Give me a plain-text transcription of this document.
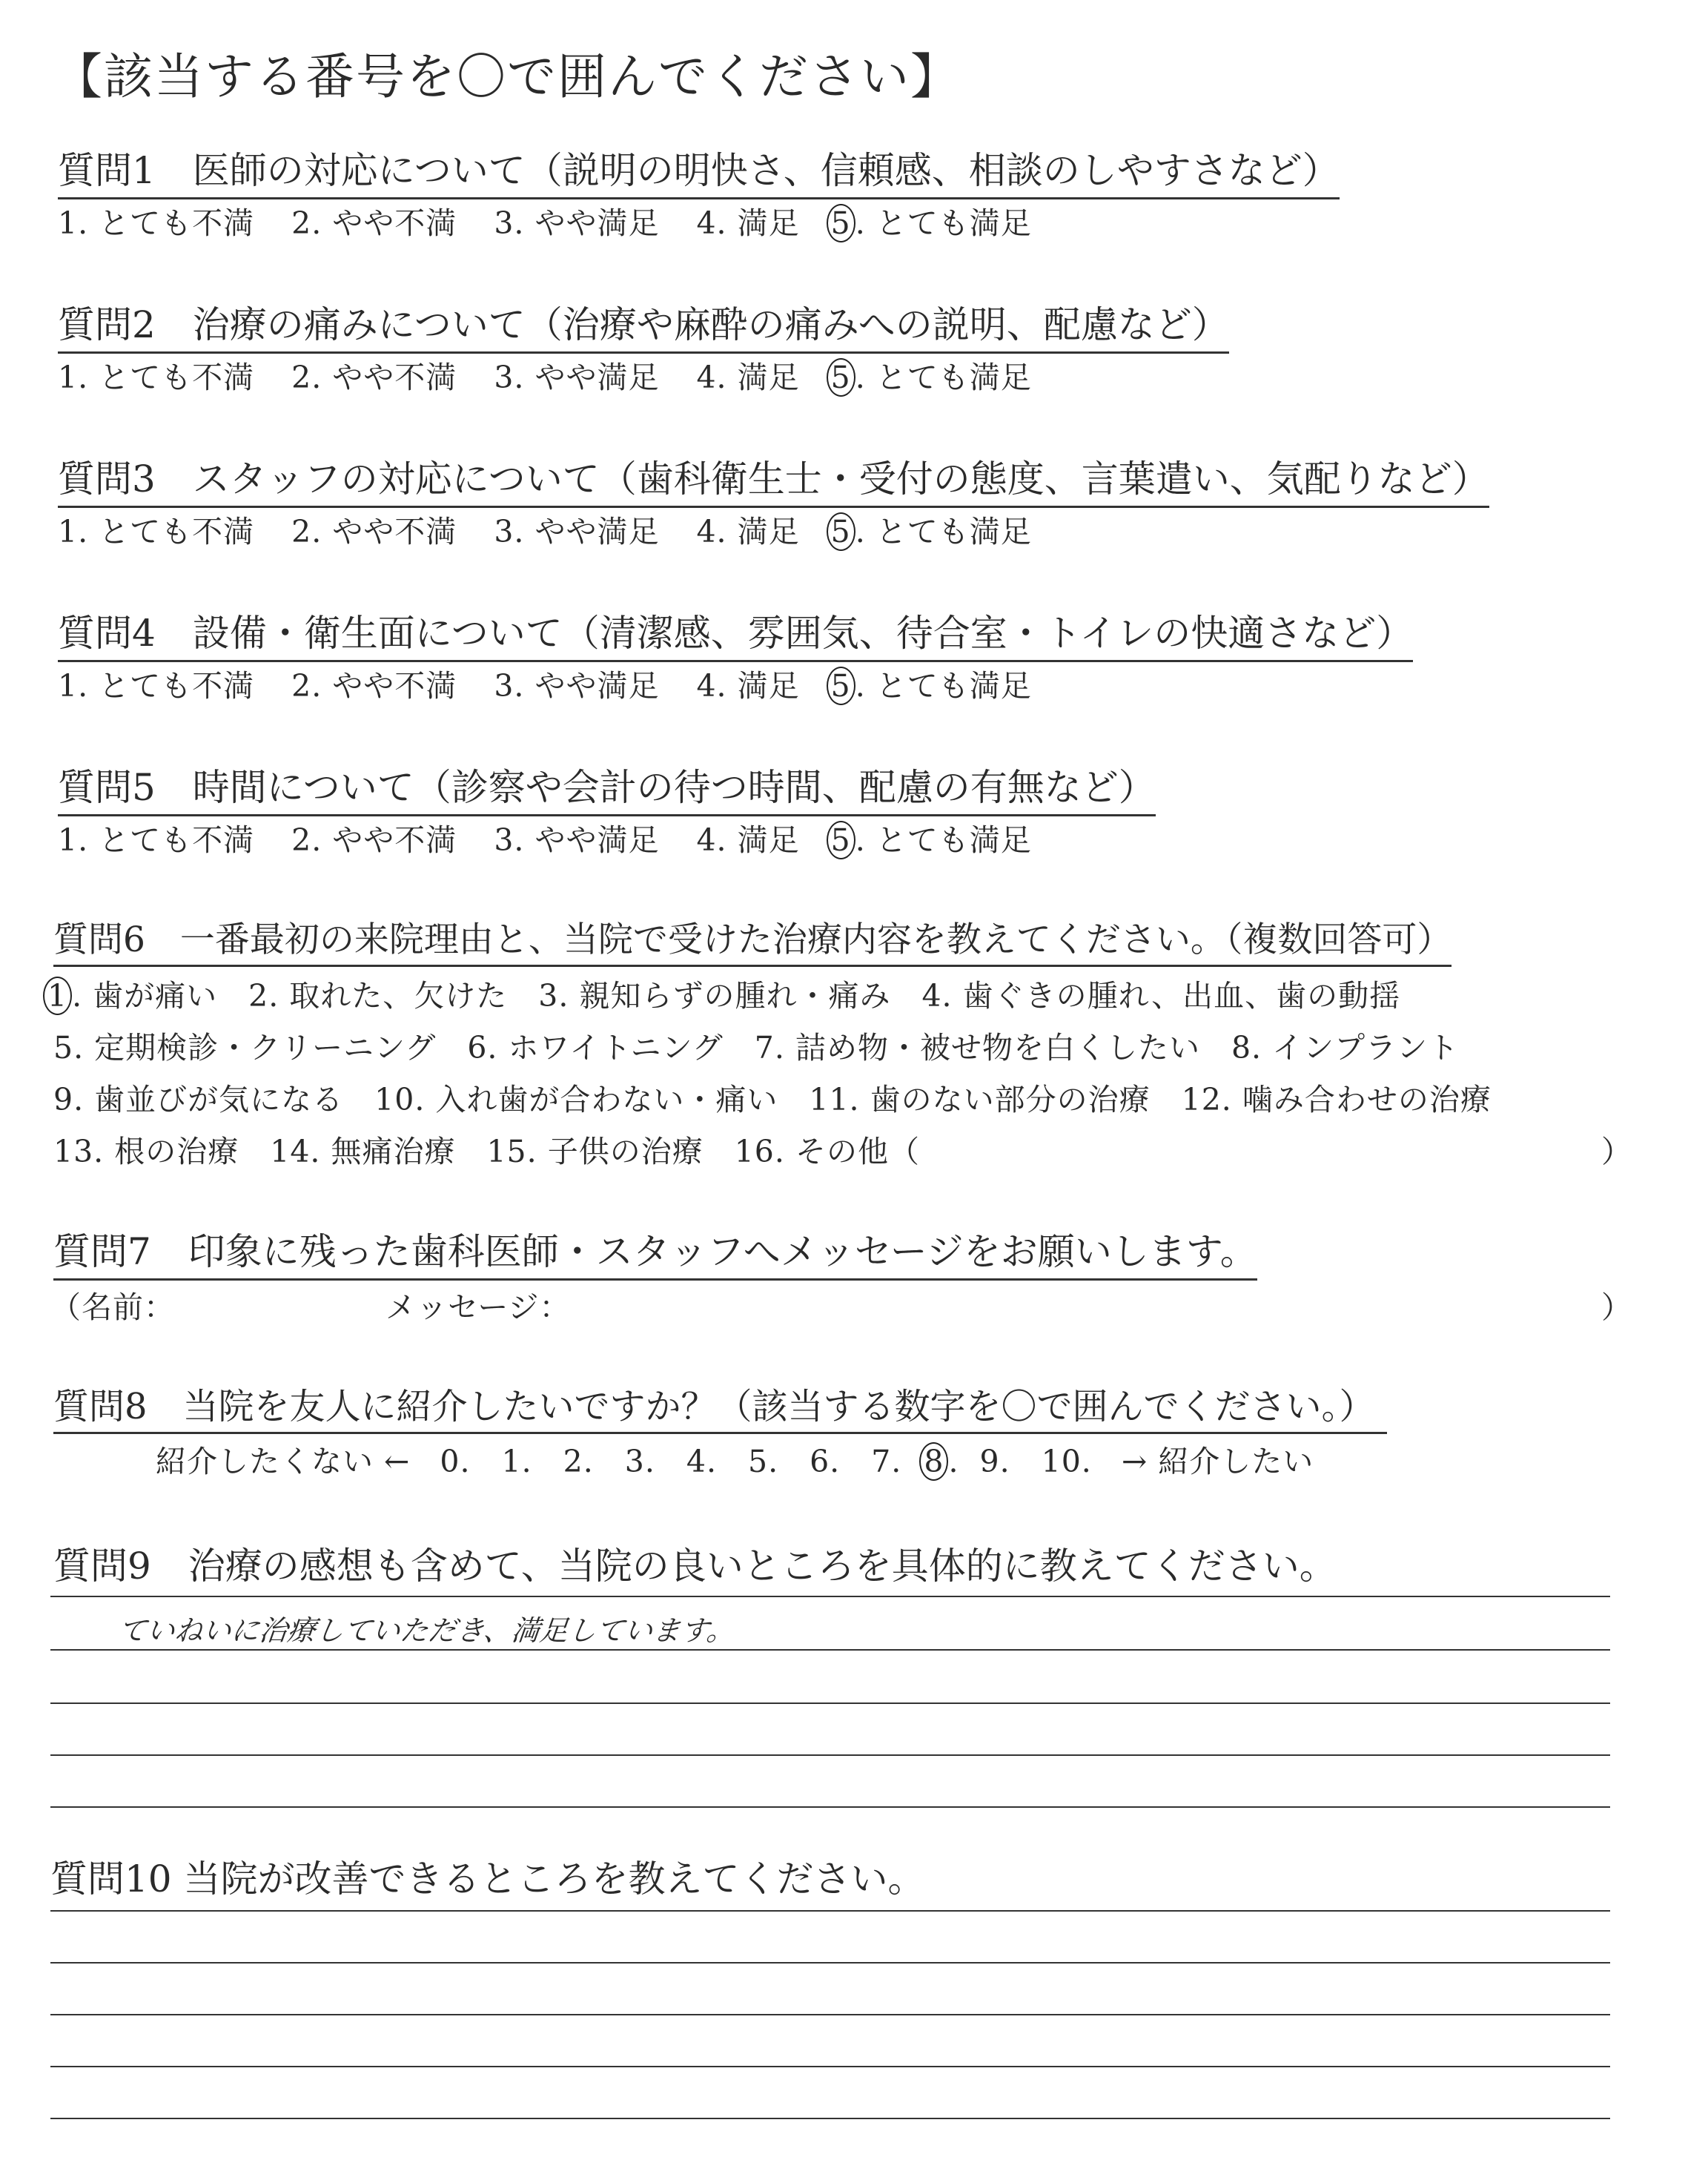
【該当する番号を〇で囲んでください】
質問1　医師の対応について（説明の明快さ、信頼感、相談のしやすさなど）
1. とても不満 2. やや不満 3. やや満足 4. 満足 5 . とても満足
質問2　治療の痛みについて（治療や麻酔の痛みへの説明、配慮など）
1. とても不満 2. やや不満 3. やや満足 4. 満足 5 . とても満足
質問3　スタッフの対応について（歯科衛生士・受付の態度、言葉遣い、気配りなど）
1. とても不満 2. やや不満 3. やや満足 4. 満足 5 . とても満足
質問4　設備・衛生面について（清潔感、雰囲気、待合室・トイレの快適さなど）
1. とても不満 2. やや不満 3. やや満足 4. 満足 5 . とても満足
質問5　時間について（診察や会計の待つ時間、配慮の有無など）
1. とても不満 2. やや不満 3. やや満足 4. 満足 5 . とても満足
質問6　一番最初の来院理由と、当院で受けた治療内容を教えてください。（複数回答可）
1 . 歯が痛い　2. 取れた、欠けた　3. 親知らずの腫れ・痛み　4. 歯ぐきの腫れ、出血、歯の動揺
5. 定期検診・クリーニング　6. ホワイトニング　7. 詰め物・被せ物を白くしたい　8. インプラント
9. 歯並びが気になる　10. 入れ歯が合わない・痛い　11. 歯のない部分の治療　12. 噛み合わせの治療
13. 根の治療　14. 無痛治療　15. 子供の治療　16. その他（	）
質問7　印象に残った歯科医師・スタッフへメッセージをお願いします。
（名前：	メッセージ：	）
質問8　当院を友人に紹介したいですか？（該当する数字を〇で囲んでください。）
紹介したくない ← 0.　1.　2.　3.　4.　5.　6.　7. 8 . 9.　10. → 紹介したい
質問9　治療の感想も含めて、当院の良いところを具体的に教えてください。
ていねいに治療していただき、満足しています。
質問10 当院が改善できるところを教えてください。
